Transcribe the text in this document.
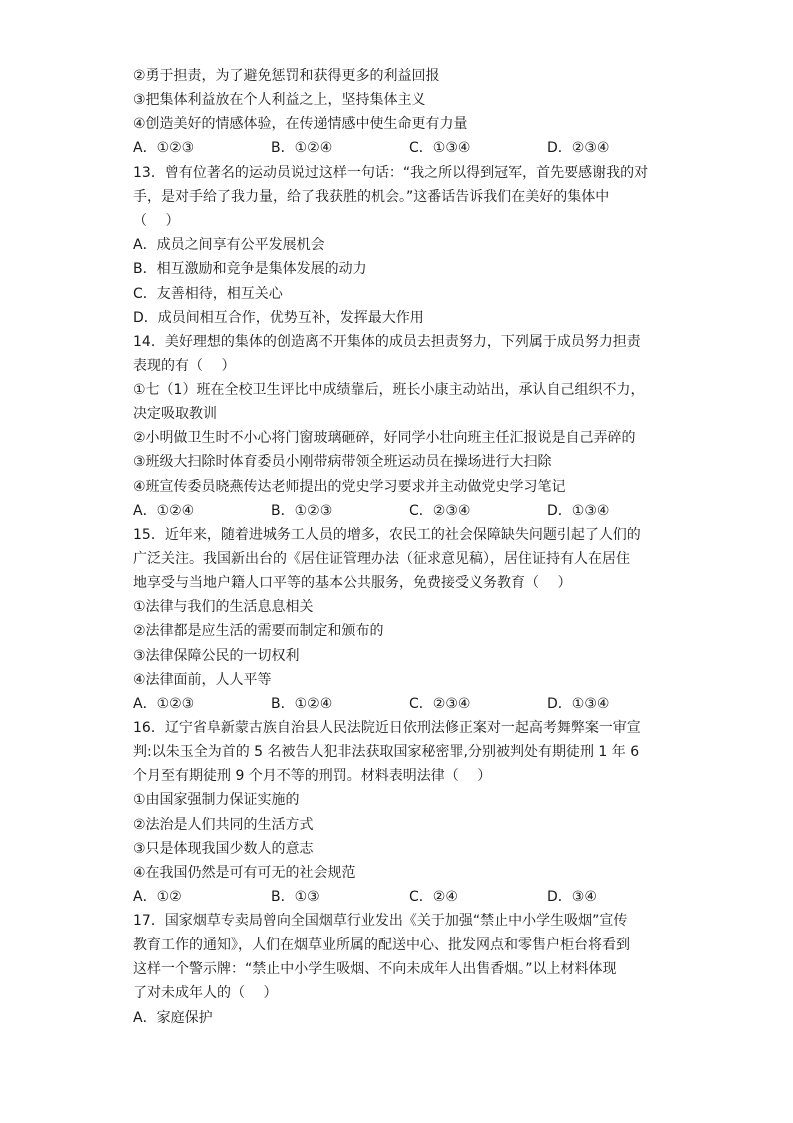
②勇于担责，为了避免惩罚和获得更多的利益回报
③把集体利益放在个人利益之上，坚持集体主义
④创造美好的情感体验，在传递情感中使生命更有力量
A．①②③	B．①②④	C．①③④	D．②③④
13．曾有位著名的运动员说过这样一句话：“我之所以得到冠军，首先要感谢我的对
手，是对手给了我力量，给了我获胜的机会。”这番话告诉我们在美好的集体中
（　 ）
A．成员之间享有公平发展机会
B．相互激励和竞争是集体发展的动力
C．友善相待，相互关心
D．成员间相互合作，优势互补，发挥最大作用
14．美好理想的集体的创造离不开集体的成员去担责努力，下列属于成员努力担责
表现的有（　 ）
①七（1）班在全校卫生评比中成绩靠后，班长小康主动站出，承认自己组织不力，
决定吸取教训
②小明做卫生时不小心将门窗玻璃砸碎，好同学小壮向班主任汇报说是自己弄碎的
③班级大扫除时体育委员小刚带病带领全班运动员在操场进行大扫除
④班宣传委员晓燕传达老师提出的党史学习要求并主动做党史学习笔记
A．①②④	B．①②③	C．②③④	D．①③④
15．近年来，随着进城务工人员的增多，农民工的社会保障缺失问题引起了人们的
广泛关注。我国新出台的《居住证管理办法（征求意见稿），居住证持有人在居住
地享受与当地户籍人口平等的基本公共服务，免费接受义务教育（　 ）
①法律与我们的生活息息相关
②法律都是应生活的需要而制定和颁布的
③法律保障公民的一切权利
④法律面前，人人平等
A．①②③	B．①②④	C．②③④	D．①③④
16．辽宁省阜新蒙古族自治县人民法院近日依刑法修正案对一起高考舞弊案一审宣
判:以朱玉全为首的 5 名被告人犯非法获取国家秘密罪,分别被判处有期徒刑 1 年 6
个月至有期徒刑 9 个月不等的刑罚。材料表明法律（　 ）
①由国家强制力保证实施的
②法治是人们共同的生活方式
③只是体现我国少数人的意志
④在我国仍然是可有可无的社会规范
A．①②	B．①③	C．②④	D．③④
17．国家烟草专卖局曾向全国烟草行业发出《关于加强“禁止中小学生吸烟”宣传
教育工作的通知》，人们在烟草业所属的配送中心、批发网点和零售户柜台将看到
这样一个警示牌：“禁止中小学生吸烟、不向未成年人出售香烟。”以上材料体现
了对未成年人的（　 ）
A．家庭保护
